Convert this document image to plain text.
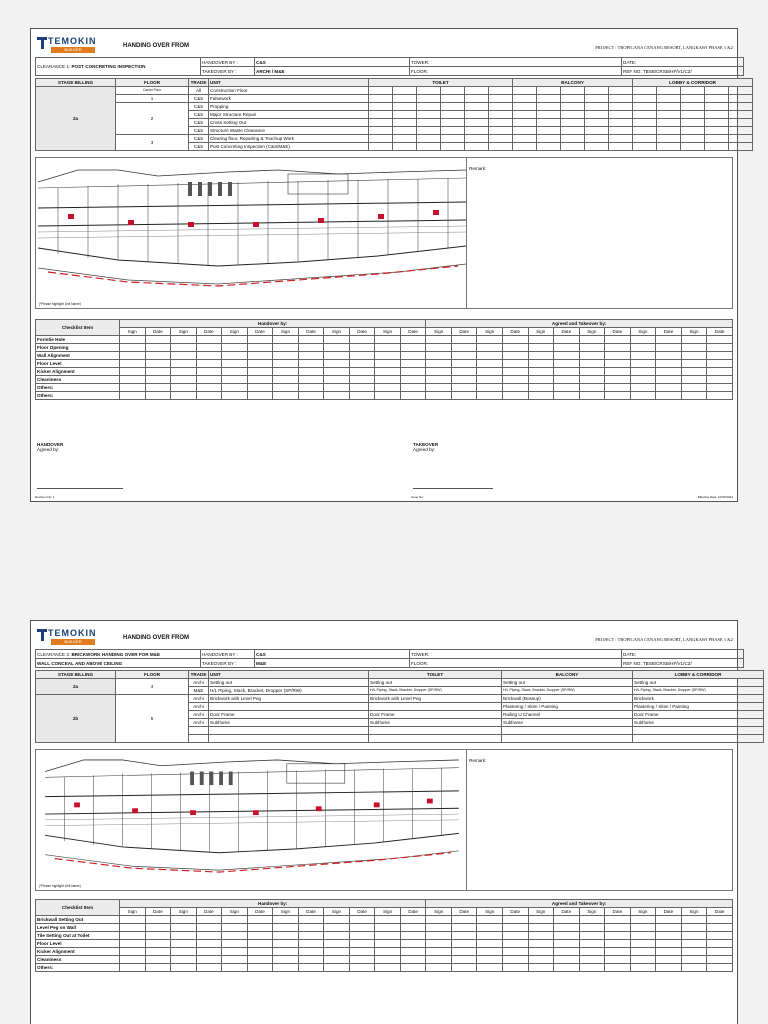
TEMOKIN
BUILDER
HANDING OVER FROM	PROJECT : TROPICANA CENANG RESORT, LANGKAWI PHASE 1 &2
CLEARANCE 1: POST CONCRETING INSPECTION	HANDOVER BY :	C&S	TOWER:	DATE:
	TAKEOVER BY :	ARCHI / M&E	FLOOR:	REF NO: TBSB/CRSB/HF/VL/C2/
STAGE BILLING	FLOOR	TRADE	UNIT	TOILET						BALCONY					LOBBY & CORRIDOR				
2a	Carrier Floor	All	Construction Floor																
	1	C&S	Falsework																
	2	C&S	Propping																
		C&S	Major Structure Repair																
		C&S	Cross Setting Out																
		C&S	Structure Waste Clearance																
	3	C&S	Clearing floor, Repairing & Touchup Work																
		C&S	Post Concreting Inspection (C&S/M&E)																
(*Please highlight Unit Name)
Remark:
Checklist Item	Handover by:												Agreed and Takeover by:											
	Sign	Date	Sign	Date	Sign	Date	Sign	Date	Sign	Date	Sign	Date	Sign	Date	Sign	Date	Sign	Date	Sign	Date	Sign	Date	Sign	Date
Formtie Hole																								
Floor Opening																								
Wall Alignment																								
Floor Level																								
Kicker Alignment																								
Cleaniness																								
Others:																								
Others:																								
HANDOVER
Agreed by:
TAKEOVER
Agreed by:
Revision No: 1	Issue No:	Effective Date: 10/05/2024
TEMOKIN
BUILDER
HANDING OVER FROM	PROJECT : TROPICANA CENANG RESORT, LANGKAWI PHASE 1 &2
CLEARANCE 2: BRICKWORK HANDING OVER FOR M&E	HANDOVER BY :	C&S	TOWER:	DATE:
WALL CONCEAL AND ABOVE CEILING	TAKEOVER BY :	M&E	FLOOR:	REF NO: TBSB/CRSB/HF/VL/C2/
STAGE BILLING	FLOOR	TRADE	UNIT	TOILET	BALCONY	LOBBY & CORRIDOR
2a	4	Archi	Setting out	Setting out	Setting out	Setting out
		M&E	H/L Piping, Stack, Bracket, Dropper (SP/RW)	H/L Piping, Stack, Bracket, Dropper (SP/RW)	H/L Piping, Stack, Bracket, Dropper (SP/RW)	H/L Piping, Stack, Bracket, Dropper (SP/RW)
2b	5	Archi	Brickwork with Level Peg	Brickwork with Level Peg	Brickwall (Bossup)	Brickwork
		Archi			Plastering / Skim / Painting	Plastering / Skim / Painting
		Archi	Door Frame	Door Frame	Railing U Channel	Door Frame
		Archi	Subframe	Subframe	Subframe	Subframe

(*Please highlight Unit Name)
Remark:
Checklist Item	Handover by:												Agreed and Takeover by:											
	Sign	Date	Sign	Date	Sign	Date	Sign	Date	Sign	Date	Sign	Date	Sign	Date	Sign	Date	Sign	Date	Sign	Date	Sign	Date	Sign	Date
Brickwall Setting Out																								
Level Peg on Wall																								
Tile Setting Out at Toilet																								
Floor Level																								
Kicker Alignment																								
Cleaniness																								
Others:																								
